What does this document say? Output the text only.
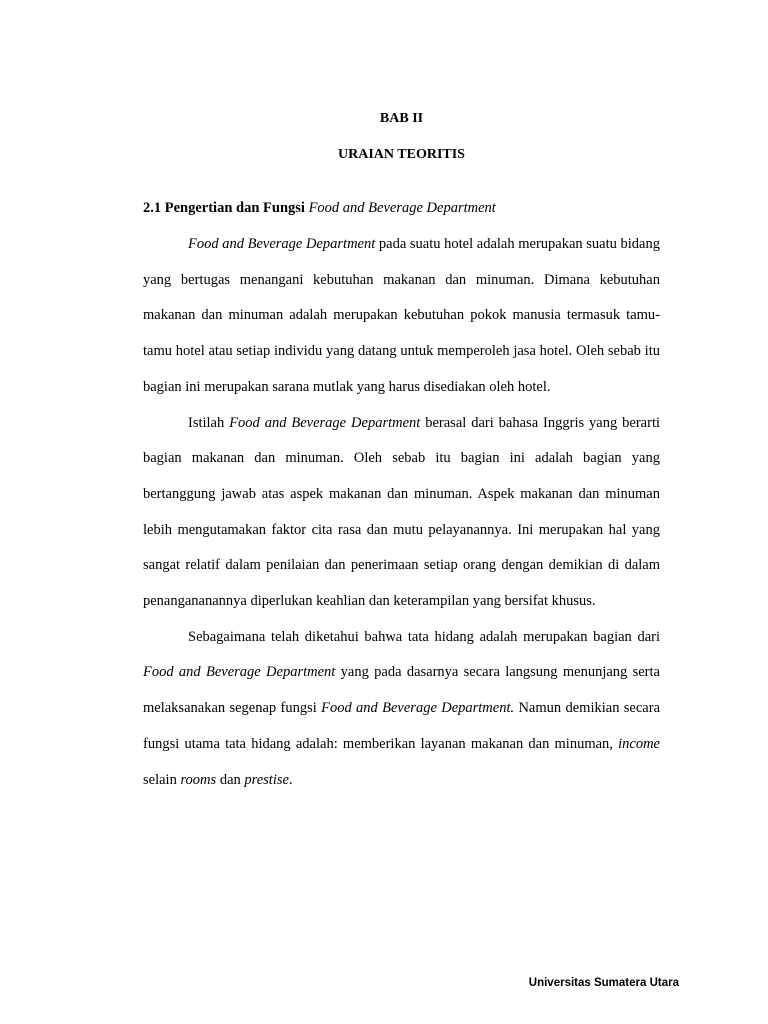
BAB II
URAIAN TEORITIS
2.1 Pengertian dan Fungsi Food and Beverage Department

Food and Beverage Department pada suatu hotel adalah merupakan suatu bidang yang bertugas menangani kebutuhan makanan dan minuman. Dimana kebutuhan makanan dan minuman adalah merupakan kebutuhan pokok manusia termasuk tamu-tamu hotel atau setiap individu yang datang untuk memperoleh jasa hotel. Oleh sebab itu bagian ini merupakan sarana mutlak yang harus disediakan oleh hotel.

Istilah Food and Beverage Department berasal dari bahasa Inggris yang berarti bagian makanan dan minuman. Oleh sebab itu bagian ini adalah bagian yang bertanggung jawab atas aspek makanan dan minuman. Aspek makanan dan minuman lebih mengutamakan faktor cita rasa dan mutu pelayanannya. Ini merupakan hal yang sangat relatif dalam penilaian dan penerimaan setiap orang dengan demikian di dalam penangananannya diperlukan keahlian dan keterampilan yang bersifat khusus.

Sebagaimana telah diketahui bahwa tata hidang adalah merupakan bagian dari Food and Beverage Department yang pada dasarnya secara langsung menunjang serta melaksanakan segenap fungsi Food and Beverage Department. Namun demikian secara fungsi utama tata hidang adalah: memberikan layanan makanan dan minuman, income selain rooms dan prestise.

Universitas Sumatera Utara
